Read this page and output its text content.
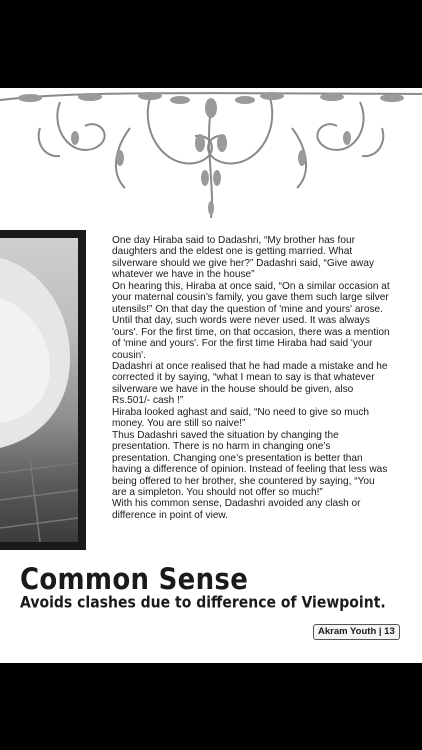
One day Hiraba said to Dadashri, “My brother has four daughters and the eldest one is getting married. What silverware should we give her?” Dadashri said, “Give away whatever we have in the house”

On hearing this, Hiraba at once said, “On a similar occasion at your maternal cousin’s family, you gave them such large silver utensils!” On that day the question of 'mine and yours' arose. Until that day, such words were never used. It was always 'ours'. For the first time, on that occasion, there was a mention of 'mine and yours'. For the first time Hiraba had said 'your cousin'.

Dadashri at once realised that he had made a mistake and he corrected it by saying, “what I mean to say is that whatever silverware we have in the house should be given, also Rs.501/- cash !”

Hiraba looked aghast and said, “No need to give so much money. You are still so naive!”

Thus Dadashri saved the situation by changing the presentation. There is no harm in changing one’s presentation. Changing one’s presentation is better than having a difference of opinion. Instead of feeling that less was being offered to her brother, she countered by saying, “You are a simpleton. You should not offer so much!”

With his common sense, Dadashri avoided any clash or difference in point of view.

Common Sense
Avoids clashes due to difference of Viewpoint.
Akram Youth | 13
